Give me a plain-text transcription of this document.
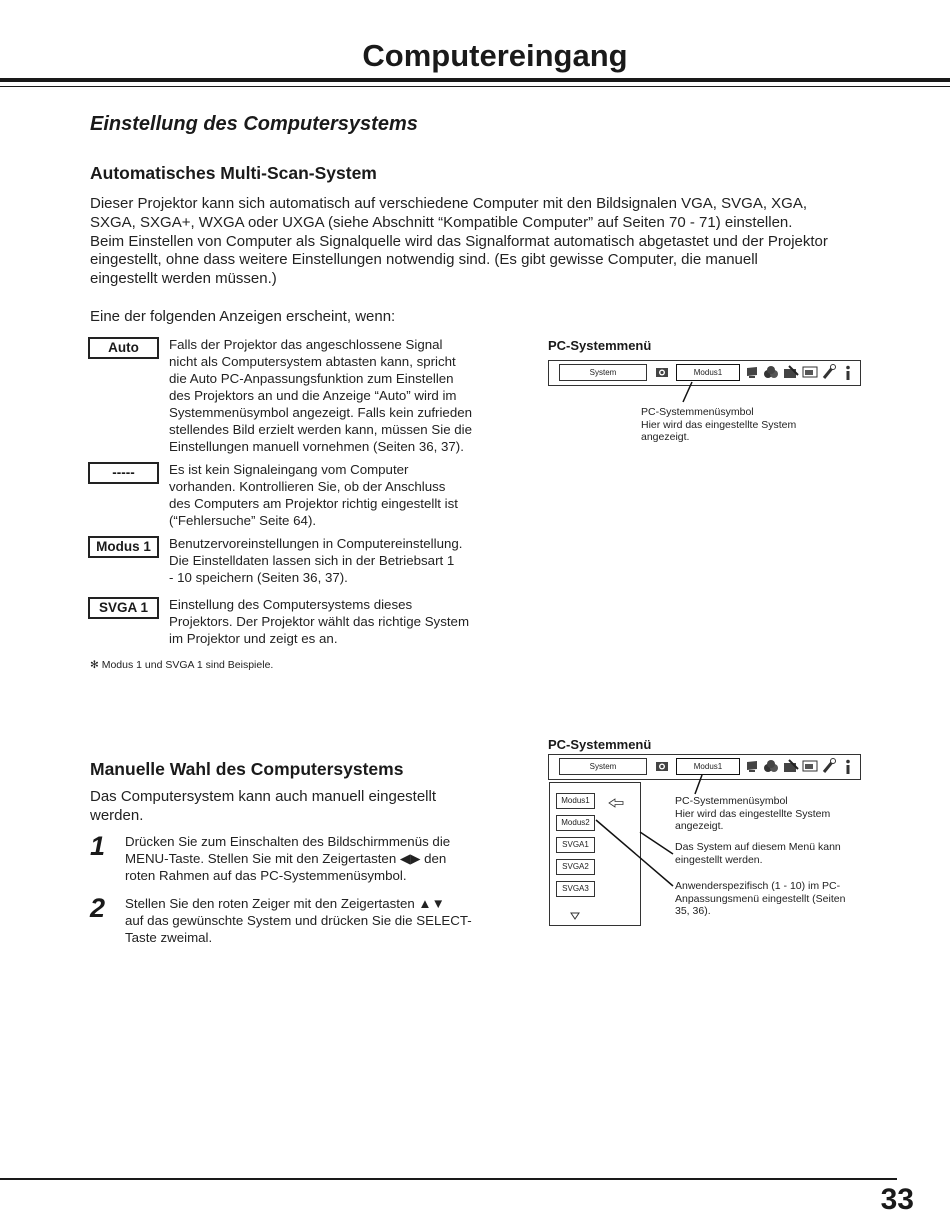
Computereingang
Einstellung des Computersystems
Automatisches Multi-Scan-System
Dieser Projektor kann sich automatisch auf verschiedene Computer mit den Bildsignalen VGA, SVGA, XGA,
SXGA, SXGA+, WXGA oder UXGA (siehe Abschnitt “Kompatible Computer” auf Seiten 70 - 71) einstellen.
Beim Einstellen von Computer als Signalquelle wird das Signalformat automatisch abgetastet und der Projektor
eingestellt, ohne dass weitere Einstellungen notwendig sind. (Es gibt gewisse Computer, die manuell
eingestellt werden müssen.)
Eine der folgenden Anzeigen erscheint, wenn:
Auto	Falls der Projektor das angeschlossene Signal
nicht als Computersystem abtasten kann, spricht
die Auto PC-Anpassungsfunktion zum Einstellen
des Projektors an und die Anzeige “Auto” wird im
Systemmenüsymbol angezeigt. Falls kein zufrieden
stellendes Bild erzielt werden kann, müssen Sie die
Einstellungen manuell vornehmen (Seiten 36, 37).
-----	Es ist kein Signaleingang vom Computer
vorhanden. Kontrollieren Sie, ob der Anschluss
des Computers am Projektor richtig eingestellt ist
(“Fehlersuche” Seite 64).
Modus 1	Benutzervoreinstellungen in Computereinstellung.
Die Einstelldaten lassen sich in der Betriebsart 1
- 10 speichern (Seiten 36, 37).
SVGA 1	Einstellung des Computersystems dieses
Projektors. Der Projektor wählt das richtige System
im Projektor und zeigt es an.
✻ Modus 1 und SVGA 1 sind Beispiele.
PC-Systemmenü
System	Modus1
PC-Systemmenüsymbol
Hier wird das eingestellte System
angezeigt.
Manuelle Wahl des Computersystems
Das Computersystem kann auch manuell eingestellt
werden.
1 Drücken Sie zum Einschalten des Bildschirmmenüs die
MENU-Taste. Stellen Sie mit den Zeigertasten ◀▶ den
roten Rahmen auf das PC-Systemmenüsymbol.
2 Stellen Sie den roten Zeiger mit den Zeigertasten ▲▼
auf das gewünschte System und drücken Sie die SELECT-
Taste zweimal.
PC-Systemmenü
System	Modus1
Modus1
Modus2
SVGA1
SVGA2
SVGA3
PC-Systemmenüsymbol
Hier wird das eingestellte System
angezeigt.
Das System auf diesem Menü kann
eingestellt werden.
Anwenderspezifisch (1 - 10) im PC-
Anpassungsmenü eingestellt (Seiten
35, 36).
33
